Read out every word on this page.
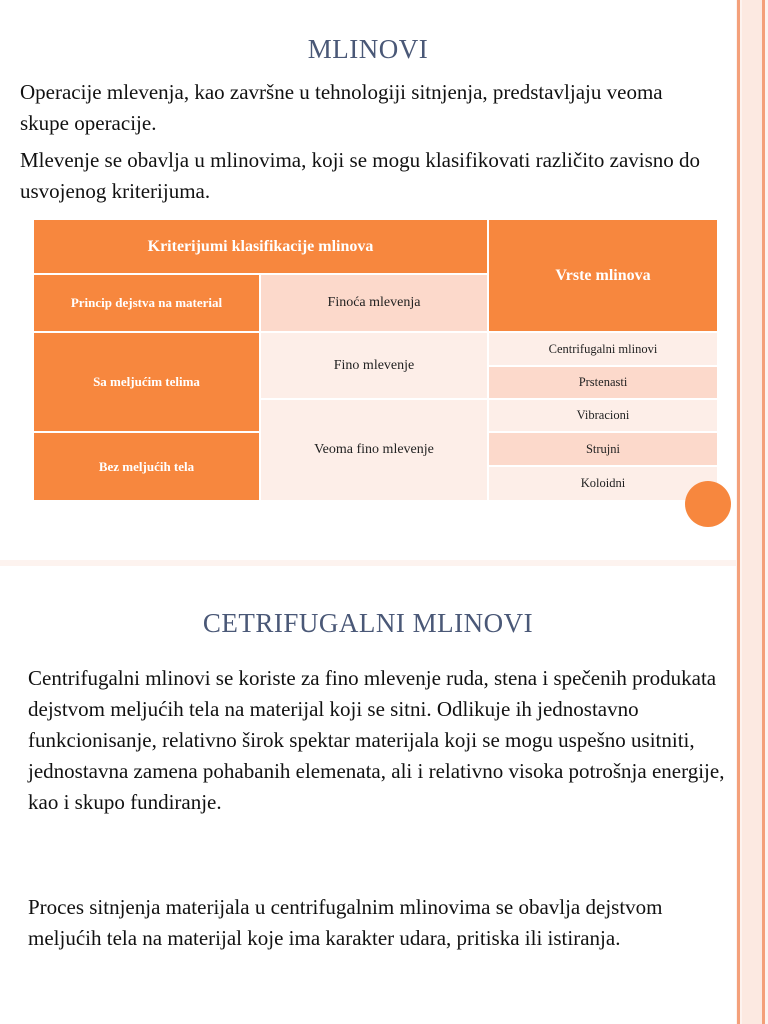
MLINOVI

Operacije mlevenja, kao završne u tehnologiji sitnjenja, predstavljaju veoma skupe operacije.

Mlevenje se obavlja u mlinovima, koji se mogu klasifikovati različito zavisno do usvojenog kriterijuma.

Kriterijumi klasifikacije mlinova		Vrste mlinova
Princip dejstva na material	Finoća mlevenja	
Sa meljućim telima	Fino mlevenje	Centrifugalni mlinovi
		Prstenasti
	Veoma fino mlevenje	Vibracioni
Bez meljućih tela		Strujni
		Koloidni
CETRIFUGALNI MLINOVI

Centrifugalni mlinovi se koriste za fino mlevenje ruda, stena i spečenih produkata dejstvom meljućih tela na materijal koji se sitni. Odlikuje ih jednostavno funkcionisanje, relativno širok spektar materijala koji se mogu uspešno usitniti, jednostavna zamena pohabanih elemenata, ali i relativno visoka potrošnja energije, kao i skupo fundiranje.

Proces sitnjenja materijala u centrifugalnim mlinovima se obavlja dejstvom meljućih tela na materijal koje ima karakter udara, pritiska ili istiranja.
